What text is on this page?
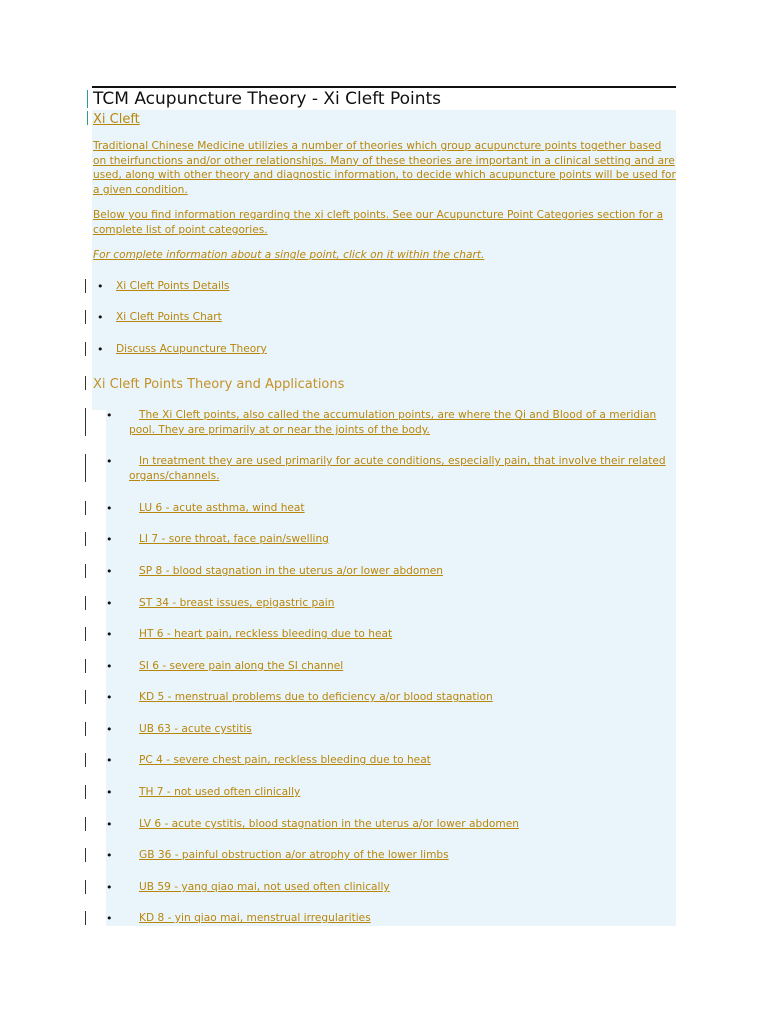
TCM Acupuncture Theory - Xi Cleft Points
Xi Cleft
Traditional Chinese Medicine utilizies a number of theories which group acupuncture points together based on theirfunctions and/or other relationships. Many of these theories are important in a clinical setting and are used, along with other theory and diagnostic information, to decide which acupuncture points will be used for a given condition.
Below you find information regarding the xi cleft points. See our Acupuncture Point Categories section for a complete list of point categories.
For complete information about a single point, click on it within the chart.
• Xi Cleft Points Details
• Xi Cleft Points Chart
• Discuss Acupuncture Theory
Xi Cleft Points Theory and Applications
•	The Xi Cleft points, also called the accumulation points, are where the Qi and Blood of a meridian pool. They are primarily at or near the joints of the body.
•	In treatment they are used primarily for acute conditions, especially pain, that involve their related organs/channels.
•	LU 6 - acute asthma, wind heat
•	LI 7 - sore throat, face pain/swelling
•	SP 8 - blood stagnation in the uterus a/or lower abdomen
•	ST 34 - breast issues, epigastric pain
•	HT 6 - heart pain, reckless bleeding due to heat
•	SI 6 - severe pain along the SI channel
•	KD 5 - menstrual problems due to deficiency a/or blood stagnation
•	UB 63 - acute cystitis
•	PC 4 - severe chest pain, reckless bleeding due to heat
•	TH 7 - not used often clinically
•	LV 6 - acute cystitis, blood stagnation in the uterus a/or lower abdomen
•	GB 36 - painful obstruction a/or atrophy of the lower limbs
•	UB 59 - yang qiao mai, not used often clinically
•	KD 8 - yin qiao mai, menstrual irregularities
